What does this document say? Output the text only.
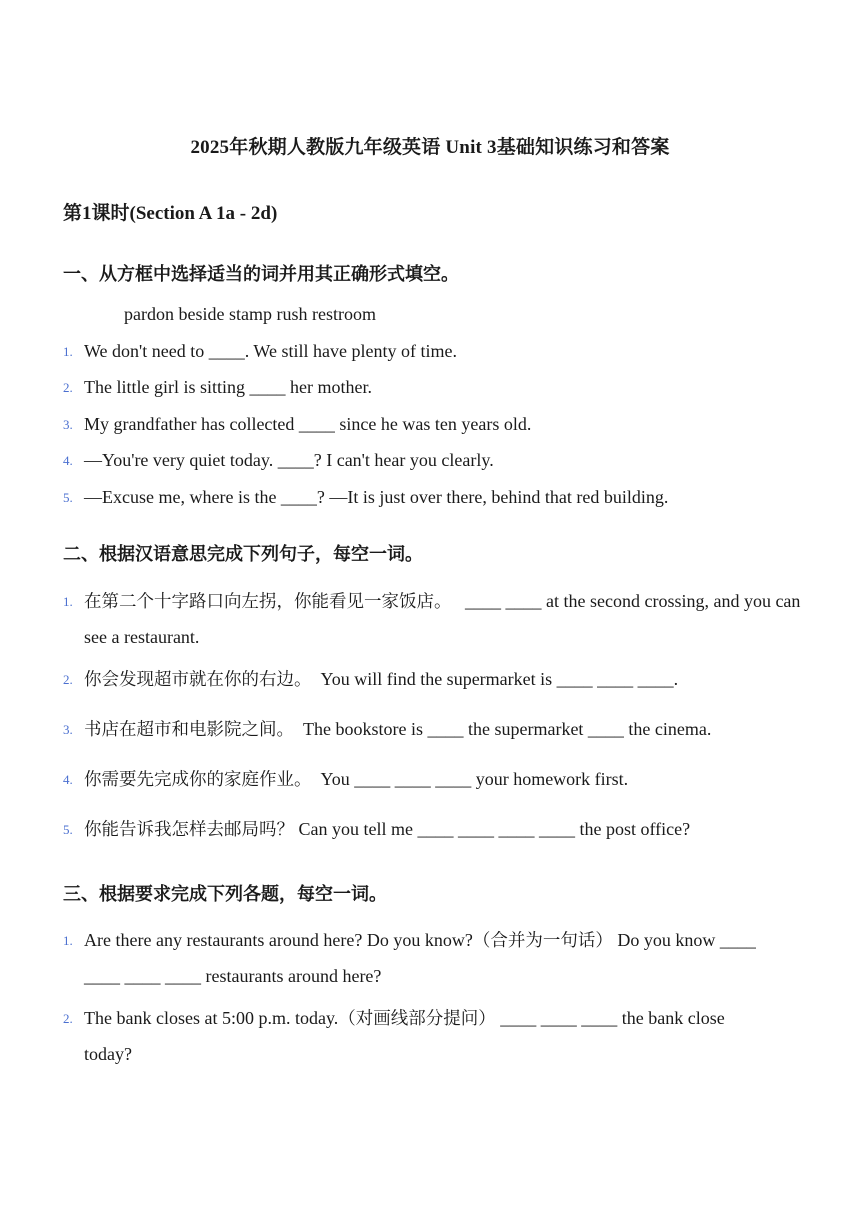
2025年秋期人教版九年级英语 Unit 3基础知识练习和答案
第1课时(Section A 1a - 2d)
一、从方框中选择适当的词并用其正确形式填空。
pardon beside stamp rush restroom
1. We don't need to ____. We still have plenty of time.
2. The little girl is sitting ____ her mother.
3. My grandfather has collected ____ since he was ten years old.
4. —You're very quiet today. ____? I can't hear you clearly.
5. —Excuse me, where is the ____? —It is just over there, behind that red building.
二、根据汉语意思完成下列句子，每空一词。
1. 在第二个十字路口向左拐，你能看见一家饭店。 ____ ____ at the second crossing, and you can see a restaurant.
2. 你会发现超市就在你的右边。 You will find the supermarket is ____ ____ ____.
3. 书店在超市和电影院之间。 The bookstore is ____ the supermarket ____ the cinema.
4. 你需要先完成你的家庭作业。 You ____ ____ ____ your homework first.
5. 你能告诉我怎样去邮局吗？ Can you tell me ____ ____ ____ ____ the post office?
三、根据要求完成下列各题，每空一词。
1. Are there any restaurants around here? Do you know?（合并为一句话） Do you know ____ ____ ____ ____ restaurants around here?
2. The bank closes at 5:00 p.m. today.（对画线部分提问） ____ ____ ____ the bank close today?
